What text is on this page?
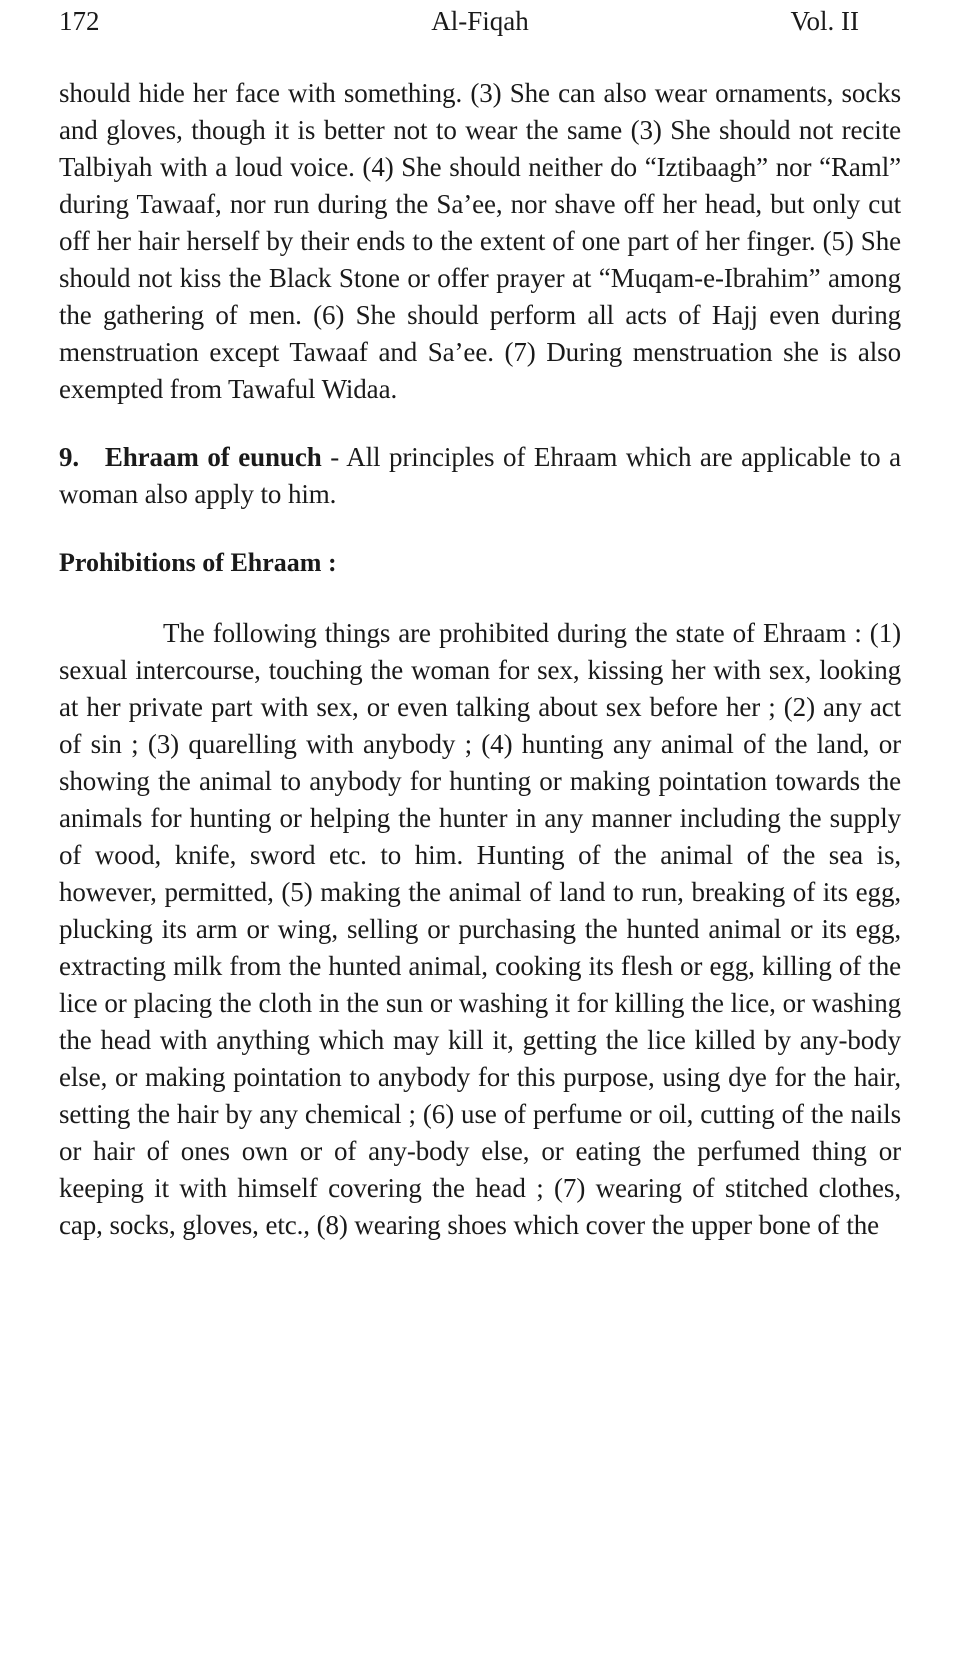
172	Al-Fiqah	Vol. II

should hide her face with something. (3) She can also wear ornaments, socks and gloves, though it is better not to wear the same (3) She should not recite Talbiyah with a loud voice. (4) She should neither do “Iztibaagh” nor “Raml” during Tawaaf, nor run during the Sa’ee, nor shave off her head, but only cut off her hair herself by their ends to the extent of one part of her finger. (5) She should not kiss the Black Stone or offer prayer at “Muqam-e-Ibrahim” among the gathering of men. (6) She should perform all acts of Hajj even during menstruation except Tawaaf and Sa’ee. (7) During menstruation she is also exempted from Tawaful Widaa.

9. Ehraam of eunuch - All principles of Ehraam which are applicable to a woman also apply to him.

Prohibitions of Ehraam :

The following things are prohibited during the state of Ehraam : (1) sexual intercourse, touching the woman for sex, kissing her with sex, looking at her private part with sex, or even talking about sex before her ; (2) any act of sin ; (3) quarelling with anybody ; (4) hunting any animal of the land, or showing the animal to anybody for hunting or making pointation towards the animals for hunting or helping the hunter in any manner including the supply of wood, knife, sword etc. to him. Hunting of the animal of the sea is, however, permitted, (5) making the animal of land to run, breaking of its egg, plucking its arm or wing, selling or purchasing the hunted animal or its egg, extracting milk from the hunted animal, cooking its flesh or egg, killing of the lice or placing the cloth in the sun or washing it for killing the lice, or washing the head with anything which may kill it, getting the lice killed by any-body else, or making pointation to anybody for this purpose, using dye for the hair, setting the hair by any chemical ; (6) use of perfume or oil, cutting of the nails or hair of ones own or of any-body else, or eating the perfumed thing or keeping it with himself covering the head ; (7) wearing of stitched clothes, cap, socks, gloves, etc., (8) wearing shoes which cover the upper bone of the
